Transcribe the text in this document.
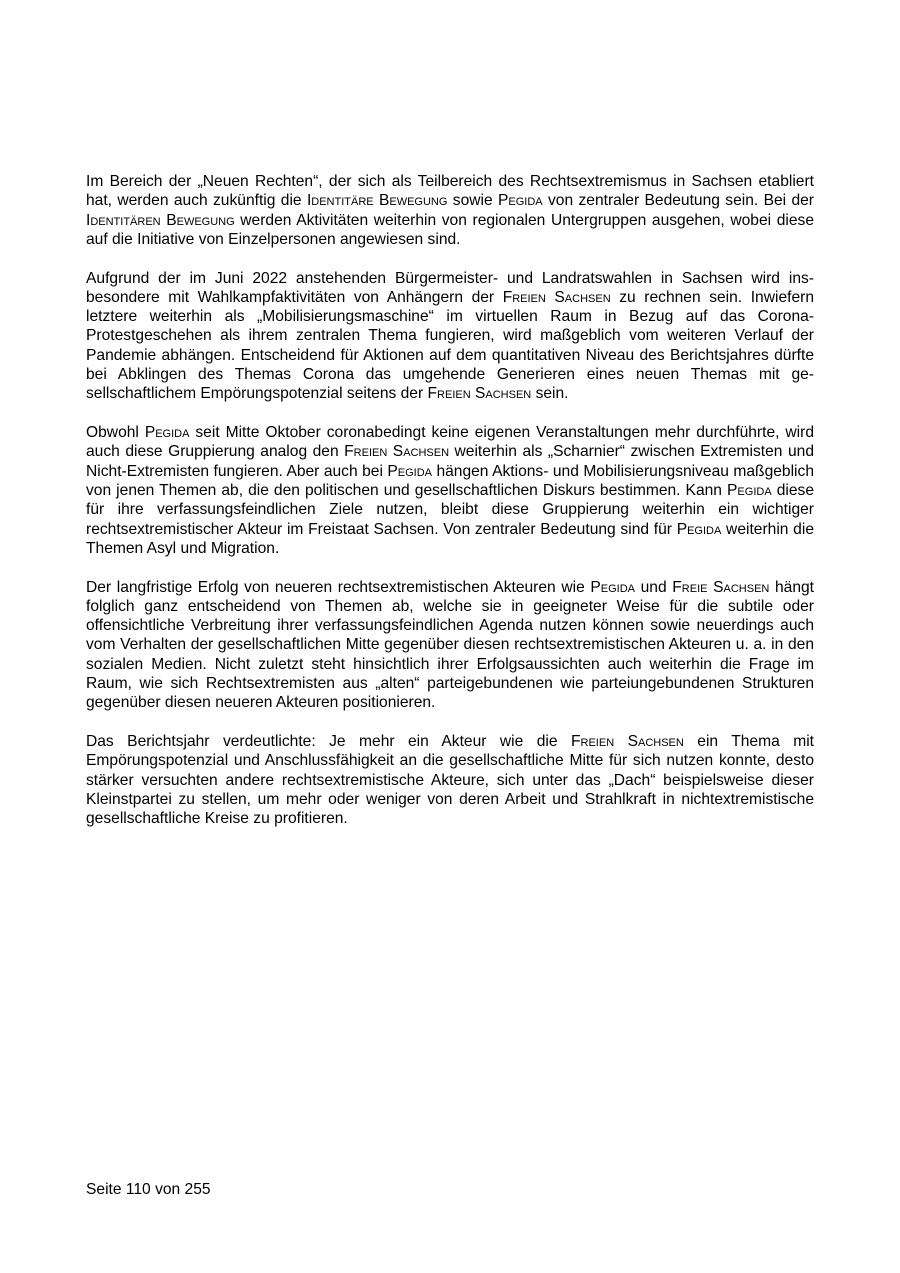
Im Bereich der „Neuen Rechten“, der sich als Teilbereich des Rechtsextremismus in Sachsen etabliert hat, werden auch zukünftig die Identitäre Bewegung sowie Pegida von zentraler Bedeutung sein. Bei der Identitären Bewegung werden Aktivitäten weiterhin von regionalen Untergruppen ausgehen, wobei diese auf die Initiative von Einzelpersonen angewiesen sind.

Aufgrund der im Juni 2022 anstehenden Bürgermeister- und Landratswahlen in Sachsen wird insbesondere mit Wahlkampfaktivitäten von Anhängern der Freien Sachsen zu rechnen sein. Inwiefern letztere weiterhin als „Mobilisierungsmaschine“ im virtuellen Raum in Bezug auf das Corona-Protestgeschehen als ihrem zentralen Thema fungieren, wird maßgeblich vom weiteren Verlauf der Pandemie abhängen. Entscheidend für Aktionen auf dem quantitativen Niveau des Berichtsjahres dürfte bei Abklingen des Themas Corona das umgehende Generieren eines neuen Themas mit gesellschaftlichem Empörungspotenzial seitens der Freien Sachsen sein.

Obwohl Pegida seit Mitte Oktober coronabedingt keine eigenen Veranstaltungen mehr durchführte, wird auch diese Gruppierung analog den Freien Sachsen weiterhin als „Scharnier“ zwischen Extremisten und Nicht-Extremisten fungieren. Aber auch bei Pegida hängen Aktions- und Mobilisierungsniveau maßgeblich von jenen Themen ab, die den politischen und gesellschaftlichen Diskurs bestimmen. Kann Pegida diese für ihre verfassungsfeindlichen Ziele nutzen, bleibt diese Gruppierung weiterhin ein wichtiger rechtsextremistischer Akteur im Freistaat Sachsen. Von zentraler Bedeutung sind für Pegida weiterhin die Themen Asyl und Migration.

Der langfristige Erfolg von neueren rechtsextremistischen Akteuren wie Pegida und Freie Sachsen hängt folglich ganz entscheidend von Themen ab, welche sie in geeigneter Weise für die subtile oder offensichtliche Verbreitung ihrer verfassungsfeindlichen Agenda nutzen können sowie neuerdings auch vom Verhalten der gesellschaftlichen Mitte gegenüber diesen rechtsextremistischen Akteuren u. a. in den sozialen Medien. Nicht zuletzt steht hinsichtlich ihrer Erfolgsaussichten auch weiterhin die Frage im Raum, wie sich Rechtsextremisten aus „alten“ parteigebundenen wie parteiungebundenen Strukturen gegenüber diesen neueren Akteuren positionieren.

Das Berichtsjahr verdeutlichte: Je mehr ein Akteur wie die Freien Sachsen ein Thema mit Empörungspotenzial und Anschlussfähigkeit an die gesellschaftliche Mitte für sich nutzen konnte, desto stärker versuchten andere rechtsextremistische Akteure, sich unter das „Dach“ beispielsweise dieser Kleinstpartei zu stellen, um mehr oder weniger von deren Arbeit und Strahlkraft in nichtextremistische gesellschaftliche Kreise zu profitieren.

Seite 110 von 255
